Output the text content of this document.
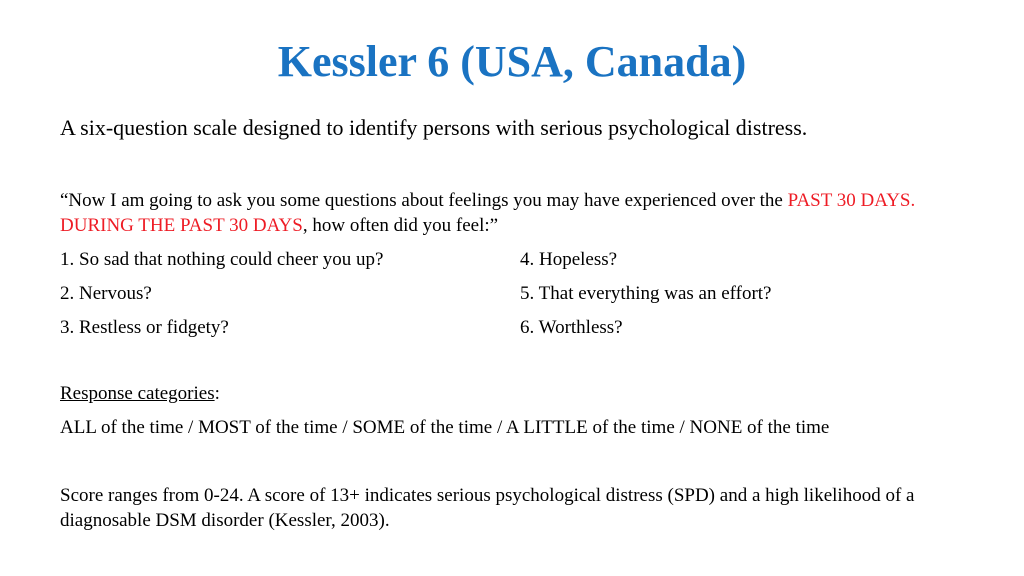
Kessler 6 (USA, Canada)
A six-question scale designed to identify persons with serious psychological distress.
“Now I am going to ask you some questions about feelings you may have experienced over the PAST 30 DAYS. DURING THE PAST 30 DAYS, how often did you feel:”
1. So sad that nothing could cheer you up?
2. Nervous?
3. Restless or fidgety?
4. Hopeless?
5. That everything was an effort?
6. Worthless?
Response categories:
ALL of the time / MOST of the time / SOME of the time / A LITTLE of the time / NONE of the time
Score ranges from 0-24. A score of 13+ indicates serious psychological distress (SPD) and a high likelihood of a diagnosable DSM disorder (Kessler, 2003).
